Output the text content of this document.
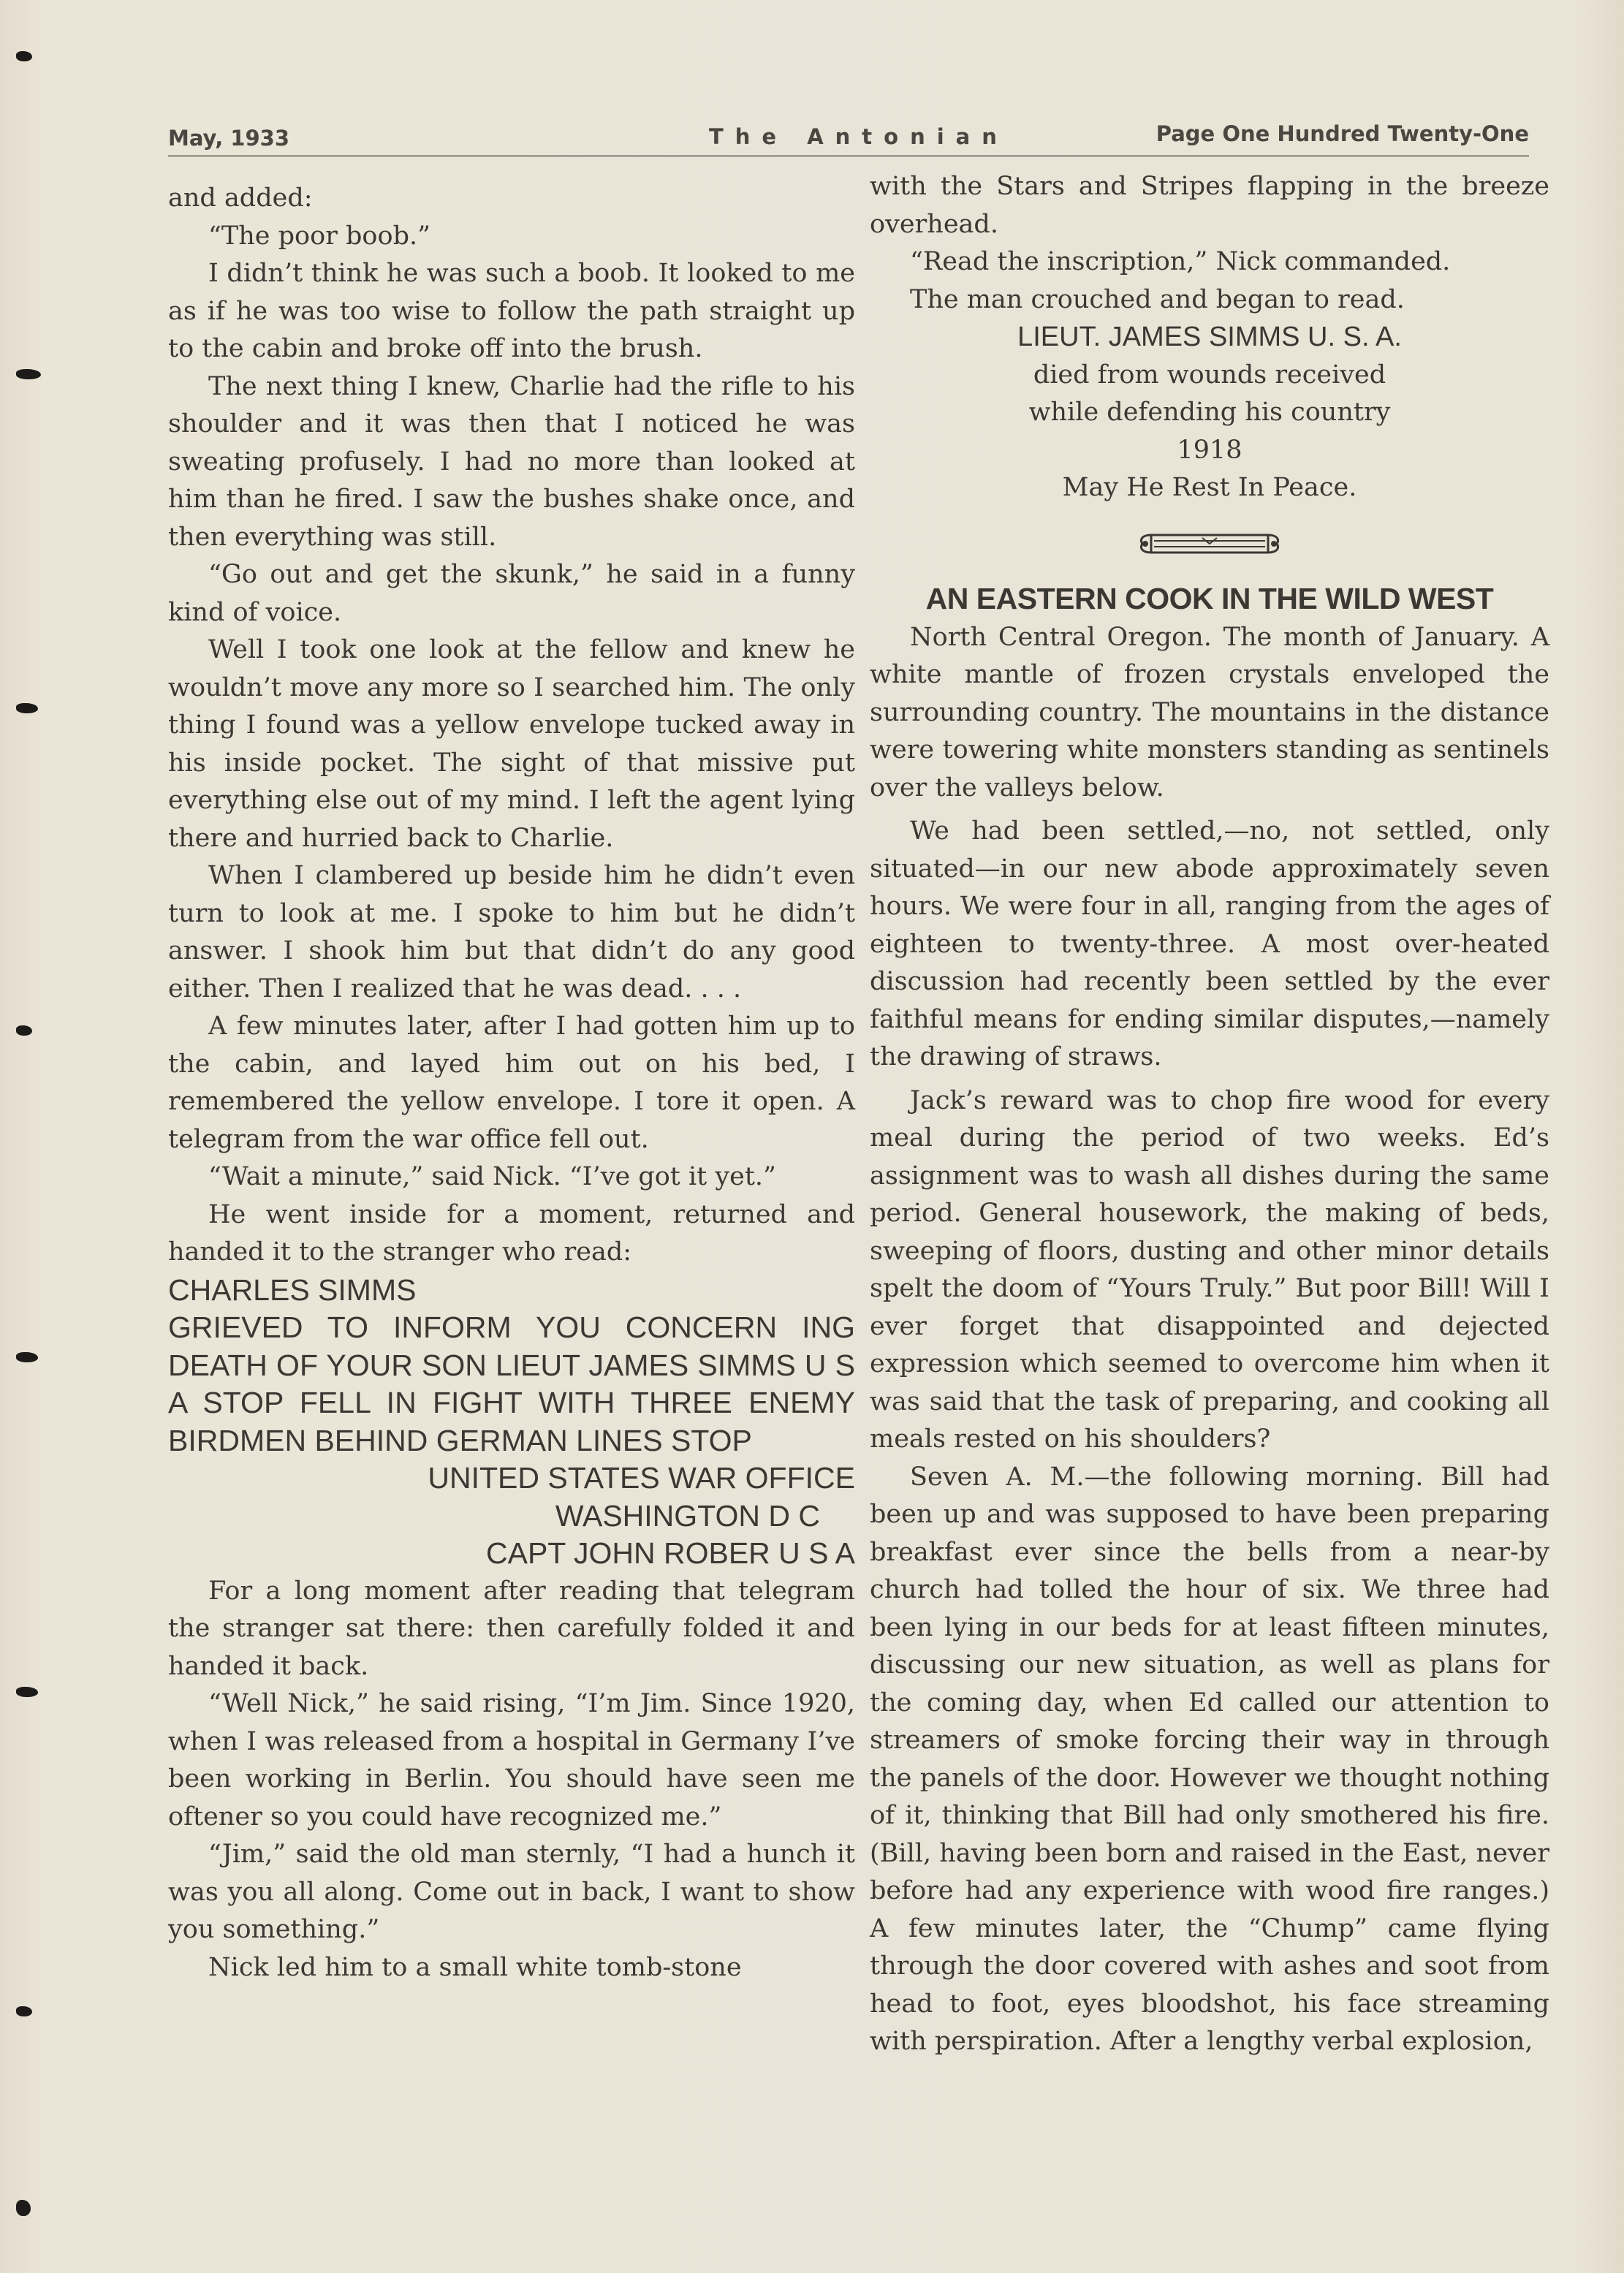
May, 1933	The Antonian	Page One Hundred Twenty-One

and added:

“The poor boob.”

I didn’t think he was such a boob. It looked to me as if he was too wise to follow the path straight up to the cabin and broke off into the brush.

The next thing I knew, Charlie had the rifle to his shoulder and it was then that I noticed he was sweating profusely. I had no more than looked at him than he fired. I saw the bushes shake once, and then everything was still.

“Go out and get the skunk,” he said in a funny kind of voice.

Well I took one look at the fellow and knew he wouldn’t move any more so I searched him. The only thing I found was a yellow envelope tucked away in his inside pocket. The sight of that missive put everything else out of my mind. I left the agent lying there and hurried back to Charlie.

When I clambered up beside him he didn’t even turn to look at me. I spoke to him but he didn’t answer. I shook him but that didn’t do any good either. Then I realized that he was dead. . . .

A few minutes later, after I had gotten him up to the cabin, and layed him out on his bed, I remembered the yellow envelope. I tore it open. A telegram from the war office fell out.

“Wait a minute,” said Nick. “I’ve got it yet.”

He went inside for a moment, returned and handed it to the stranger who read:

CHARLES SIMMS

GRIEVED TO INFORM YOU CONCERN ING DEATH OF YOUR SON LIEUT JAMES SIMMS U S A STOP FELL IN FIGHT WITH THREE ENEMY BIRDMEN BEHIND GERMAN LINES STOP

UNITED STATES WAR OFFICE

WASHINGTON D C

CAPT JOHN ROBER U S A

For a long moment after reading that telegram the stranger sat there: then carefully folded it and handed it back.

“Well Nick,” he said rising, “I’m Jim. Since 1920, when I was released from a hospital in Germany I’ve been working in Berlin. You should have seen me oftener so you could have recognized me.”

“Jim,” said the old man sternly, “I had a hunch it was you all along. Come out in back, I want to show you something.”

Nick led him to a small white tomb-stone

with the Stars and Stripes flapping in the breeze overhead.

“Read the inscription,” Nick commanded.

The man crouched and began to read.

LIEUT. JAMES SIMMS U. S. A.

died from wounds received

while defending his country

1918

May He Rest In Peace.

AN EASTERN COOK IN THE WILD WEST

North Central Oregon. The month of January. A white mantle of frozen crystals enveloped the surrounding country. The mountains in the distance were towering white monsters standing as sentinels over the valleys below.

We had been settled,—no, not settled, only situated—in our new abode approximately seven hours. We were four in all, ranging from the ages of eighteen to twenty-three. A most over-heated discussion had recently been settled by the ever faithful means for ending similar disputes,—namely the drawing of straws.

Jack’s reward was to chop fire wood for every meal during the period of two weeks. Ed’s assignment was to wash all dishes during the same period. General housework, the making of beds, sweeping of floors, dusting and other minor details spelt the doom of “Yours Truly.” But poor Bill! Will I ever forget that disappointed and dejected expression which seemed to overcome him when it was said that the task of preparing, and cooking all meals rested on his shoulders?

Seven A. M.—the following morning. Bill had been up and was supposed to have been preparing breakfast ever since the bells from a near-by church had tolled the hour of six. We three had been lying in our beds for at least fifteen minutes, discussing our new situation, as well as plans for the coming day, when Ed called our attention to streamers of smoke forcing their way in through the panels of the door. However we thought nothing of it, thinking that Bill had only smothered his fire. (Bill, having been born and raised in the East, never before had any experience with wood fire ranges.) A few minutes later, the “Chump” came flying through the door covered with ashes and soot from head to foot, eyes bloodshot, his face streaming with perspiration. After a lengthy verbal explosion,
